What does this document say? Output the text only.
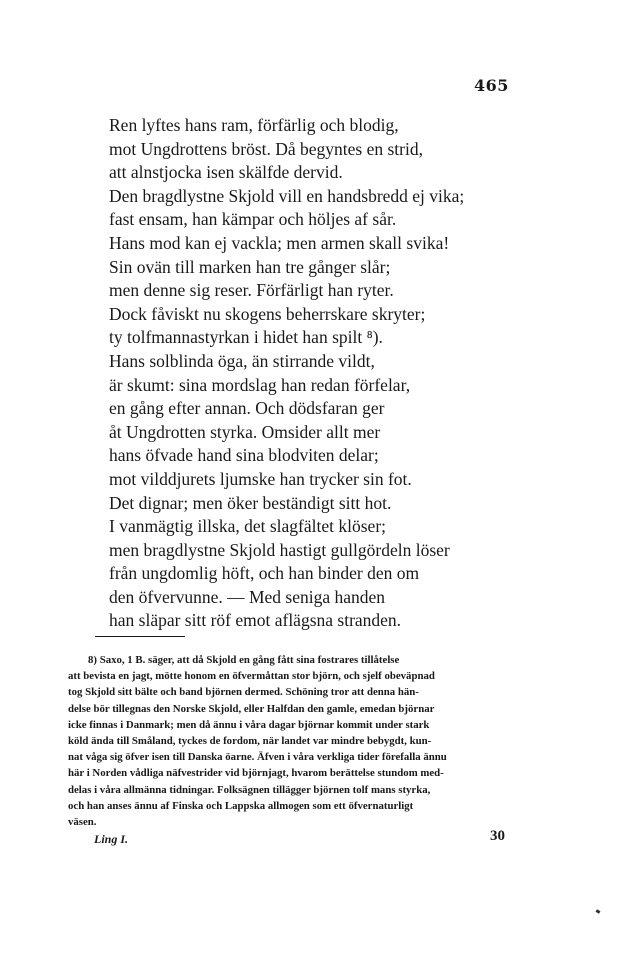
465
Ren lyftes hans ram, förfärlig och blodig,
mot Ungdrottens bröst. Då begyntes en strid,
att alnstjocka isen skälfde dervid.
Den bragdlystne Skjold vill en handsbredd ej vika;
fast ensam, han kämpar och höljes af sår.
Hans mod kan ej vackla; men armen skall svika!
Sin ovän till marken han tre gånger slår;
men denne sig reser. Förfärligt han ryter.
Dock fåviskt nu skogens beherrskare skryter;
ty tolfmannastyrkan i hidet han spilt ⁸).
Hans solblinda öga, än stirrande vildt,
är skumt: sina mordslag han redan förfelar,
en gång efter annan. Och dödsfaran ger
åt Ungdrotten styrka. Omsider allt mer
hans öfvade hand sina blodviten delar;
mot vilddjurets ljumske han trycker sin fot.
Det dignar; men öker beständigt sitt hot.
I vanmägtig illska, det slagfältet klöser;
men bragdlystne Skjold hastigt gullgördeln löser
från ungdomlig höft, och han binder den om
den öfvervunne. — Med seniga handen
han släpar sitt röf emot aflägsna stranden.
8) Saxo, 1 B. säger, att då Skjold en gång fått sina fostrares tillåtelse
att bevista en jagt, mötte honom en öfvermåttan stor björn, och sjelf obeväpnad
tog Skjold sitt bälte och band björnen dermed. Schöning tror att denna hän-
delse bör tillegnas den Norske Skjold, eller Halfdan den gamle, emedan björnar
icke finnas i Danmark; men då ännu i våra dagar björnar kommit under stark
köld ända till Småland, tyckes de fordom, när landet var mindre bebygdt, kun-
nat våga sig öfver isen till Danska öarne. Äfven i våra verkliga tider förefalla ännu
här i Norden vådliga näfvestrider vid björnjagt, hvarom berättelse stundom med-
delas i våra allmänna tidningar. Folksägnen tillägger björnen tolf mans styrka,
och han anses ännu af Finska och Lappska allmogen som ett öfvernaturligt
väsen.
Ling I.	30
